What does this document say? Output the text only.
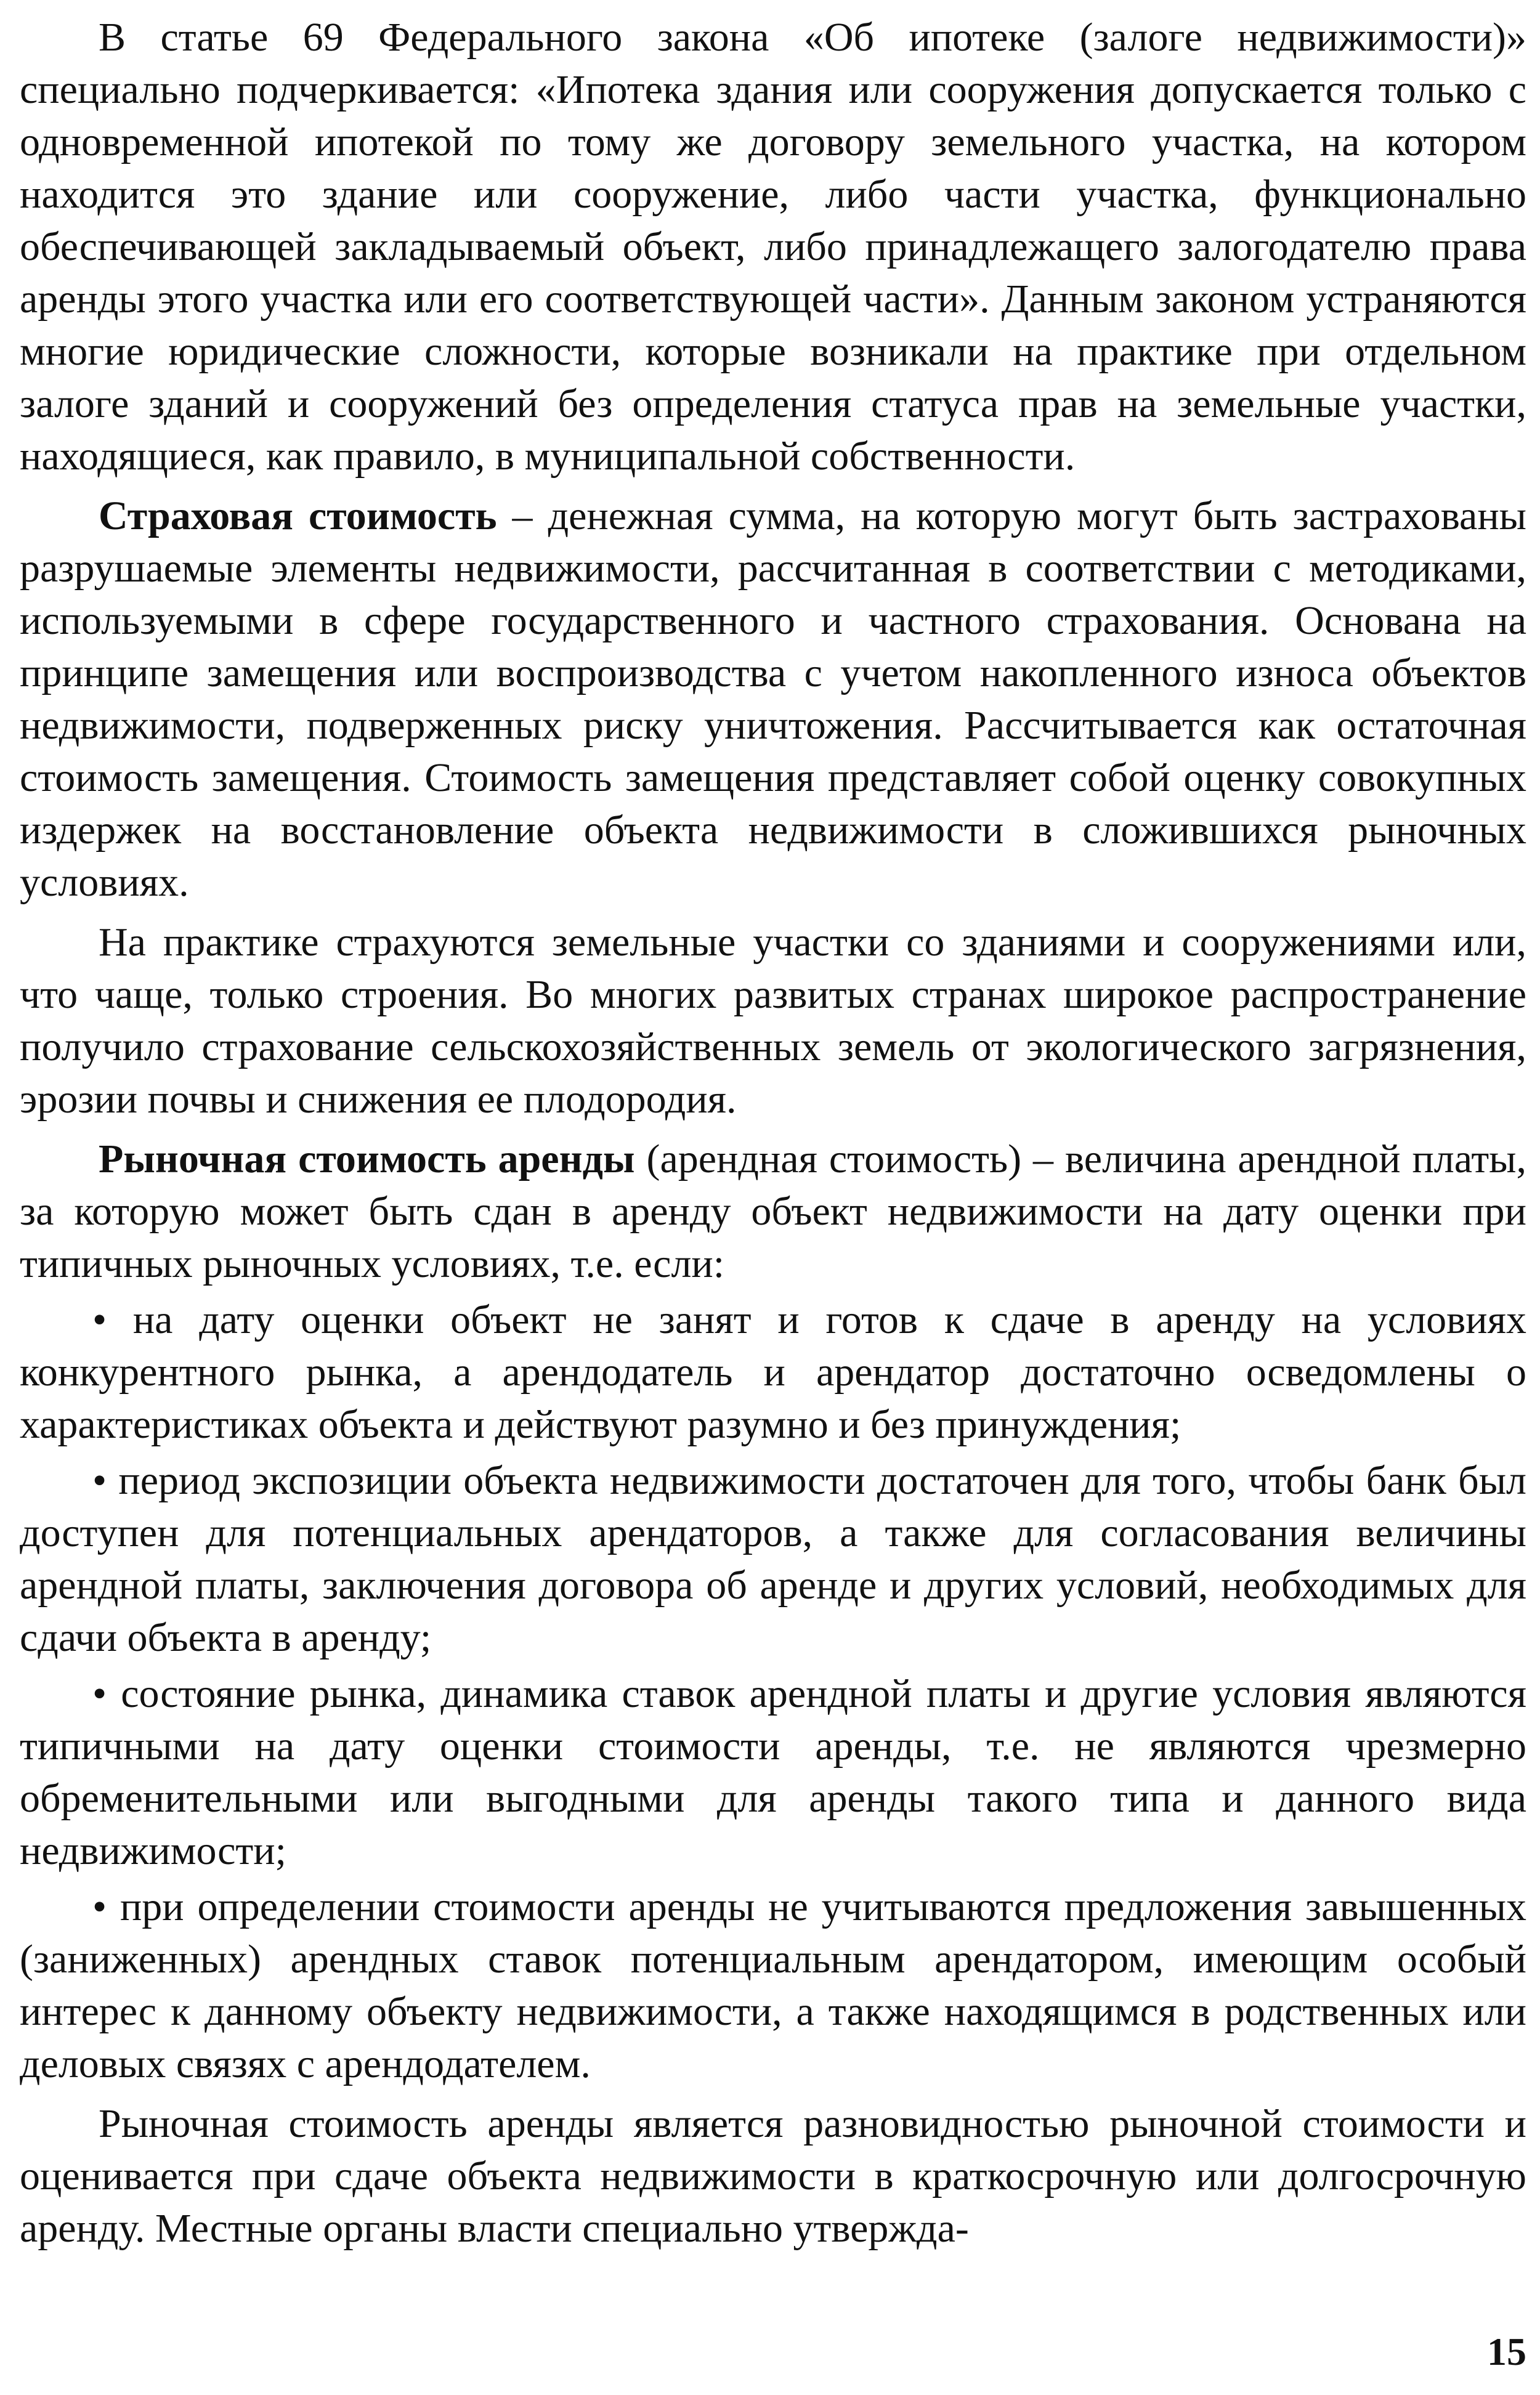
В статье 69 Федерального закона «Об ипотеке (залоге недвижимости)» специально подчеркивается: «Ипотека здания или сооружения допускается только с одновременной ипотекой по тому же договору земельного участка, на котором находится это здание или сооружение, либо части участка, функционально обеспечивающей закладываемый объект, либо принадлежащего залогодателю права аренды этого участка или его соответствующей части». Данным законом устраняются многие юридические сложности, которые возникали на практике при отдельном залоге зданий и сооружений без определения статуса прав на земельные участки, находящиеся, как правило, в муниципальной собственности.

Страховая стоимость – денежная сумма, на которую могут быть застрахованы разрушаемые элементы недвижимости, рассчитанная в соответствии с методиками, используемыми в сфере государственного и частного страхования. Основана на принципе замещения или воспроизводства с учетом накопленного износа объектов недвижимости, подверженных риску уничтожения. Рассчитывается как остаточная стоимость замещения. Стоимость замещения представляет собой оценку совокупных издержек на восстановление объекта недвижимости в сложившихся рыночных условиях.

На практике страхуются земельные участки со зданиями и сооружениями или, что чаще, только строения. Во многих развитых странах широкое распространение получило страхование сельскохозяйственных земель от экологического загрязнения, эрозии почвы и снижения ее плодородия.

Рыночная стоимость аренды (арендная стоимость) – величина арендной платы, за которую может быть сдан в аренду объект недвижимости на дату оценки при типичных рыночных условиях, т.е. если:

• на дату оценки объект не занят и готов к сдаче в аренду на условиях конкурентного рынка, а арендодатель и арендатор достаточно осведомлены о характеристиках объекта и действуют разумно и без принуждения;

• период экспозиции объекта недвижимости достаточен для того, чтобы банк был доступен для потенциальных арендаторов, а также для согласования величины арендной платы, заключения договора об аренде и других условий, необходимых для сдачи объекта в аренду;

• состояние рынка, динамика ставок арендной платы и другие условия являются типичными на дату оценки стоимости аренды, т.е. не являются чрезмерно обременительными или выгодными для аренды такого типа и данного вида недвижимости;

• при определении стоимости аренды не учитываются предложения завышенных (заниженных) арендных ставок потенциальным арендатором, имеющим особый интерес к данному объекту недвижимости, а также находящимся в родственных или деловых связях с арендодателем.

Рыночная стоимость аренды является разновидностью рыночной стоимости и оценивается при сдаче объекта недвижимости в краткосрочную или долгосрочную аренду. Местные органы власти специально утвержда-

15
